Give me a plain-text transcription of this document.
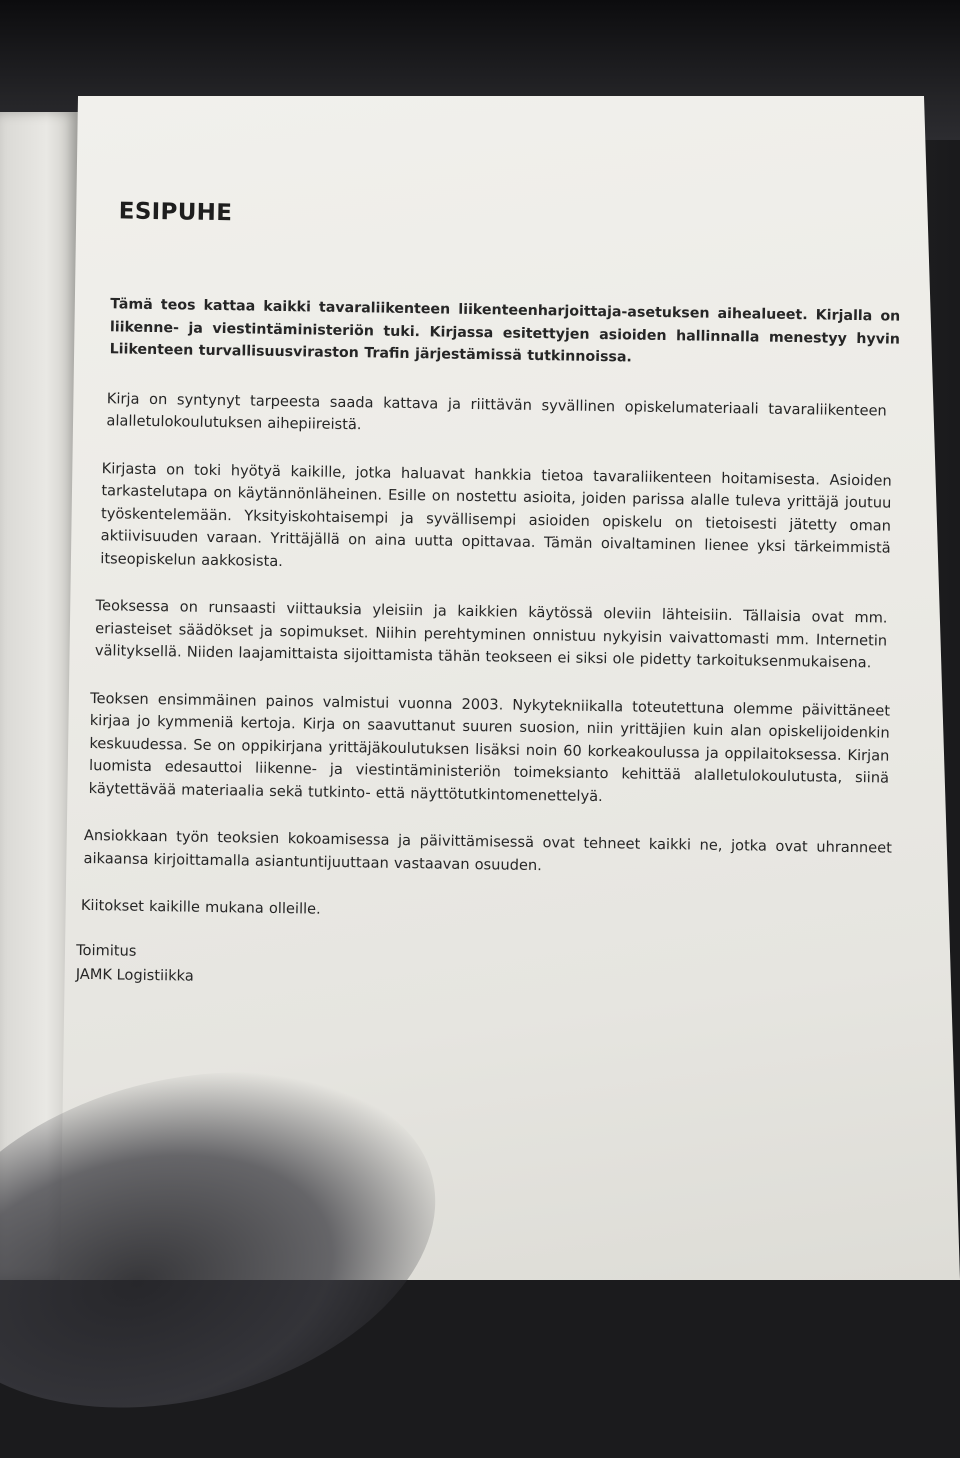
ESIPUHE

Tämä teos kattaa kaikki tavaraliikenteen liikenteenharjoittaja-asetuksen aihealueet. Kirjalla on liikenne- ja viestintäministeriön tuki. Kirjassa esitettyjen asioiden hallinnalla menestyy hyvin Liikenteen turvallisuusviraston Trafin järjestämissä tutkinnoissa.

Kirja on syntynyt tarpeesta saada kattava ja riittävän syvällinen opiskelumateriaali tavaraliikenteen alalletulokoulutuksen aihepiireistä.

Kirjasta on toki hyötyä kaikille, jotka haluavat hankkia tietoa tavaraliikenteen hoitamisesta. Asioiden tarkastelutapa on käytännönläheinen. Esille on nostettu asioita, joiden parissa alalle tuleva yrittäjä joutuu työskentelemään. Yksityiskohtaisempi ja syvällisempi asioiden opiskelu on tietoisesti jätetty oman aktiivisuuden varaan. Yrittäjällä on aina uutta opittavaa. Tämän oivaltaminen lienee yksi tärkeimmistä itseopiskelun aakkosista.

Teoksessa on runsaasti viittauksia yleisiin ja kaikkien käytössä oleviin lähteisiin. Tällaisia ovat mm. eriasteiset säädökset ja sopimukset. Niihin perehtyminen onnistuu nykyisin vaivattomasti mm. Internetin välityksellä. Niiden laajamittaista sijoittamista tähän teokseen ei siksi ole pidetty tarkoituksenmukaisena.

Teoksen ensimmäinen painos valmistui vuonna 2003. Nykytekniikalla toteutettuna olemme päivittäneet kirjaa jo kymmeniä kertoja. Kirja on saavuttanut suuren suosion, niin yrittäjien kuin alan opiskelijoidenkin keskuudessa. Se on oppikirjana yrittäjäkoulutuksen lisäksi noin 60 korkeakoulussa ja oppilaitoksessa. Kirjan luomista edesauttoi liikenne- ja viestintäministeriön toimeksianto kehittää alalletulokoulutusta, siinä käytettävää materiaalia sekä tutkinto- että näyttötutkintomenettelyä.

Ansiokkaan työn teoksien kokoamisessa ja päivittämisessä ovat tehneet kaikki ne, jotka ovat uhranneet aikaansa kirjoittamalla asiantuntijuuttaan vastaavan osuuden.

Kiitokset kaikille mukana olleille.

Toimitus
JAMK Logistiikka
